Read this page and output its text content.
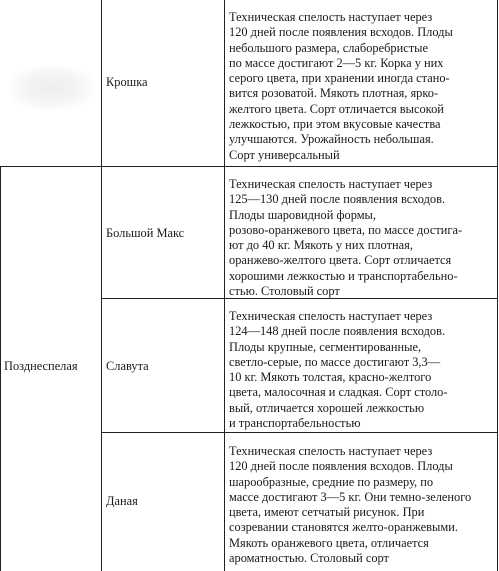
Крошка

Техническая спелость наступает через
120 дней после появления всходов. Плоды
небольшого размера, слаборебристые
по массе достигают 2—5 кг. Корка у них
серого цвета, при хранении иногда стано-
вится розоватой. Мякоть плотная, ярко-
желтого цвета. Сорт отличается высокой
лежкостью, при этом вкусовые качества
улучшаются. Урожайность небольшая.
Сорт универсальный

Большой Макс

Техническая спелость наступает через
125—130 дней после появления всходов.
Плоды шаровидной формы,
розово-оранжевого цвета, по массе достига-
ют до 40 кг. Мякоть у них плотная,
оранжево-желтого цвета. Сорт отличается
хорошими лежкостью и транспортабельно-
стью. Столовый сорт

Позднеспелая	Славута

Техническая спелость наступает через
124—148 дней после появления всходов.
Плоды крупные, сегментированные,
светло-серые, по массе достигают 3,3—
10 кг. Мякоть толстая, красно-желтого
цвета, малосочная и сладкая. Сорт столо-
вый, отличается хорошей лежкостью
и транспортабельностью

Даная

Техническая спелость наступает через
120 дней после появления всходов. Плоды
шарообразные, средние по размеру, по
массе достигают 3—5 кг. Они темно-зеленого
цвета, имеют сетчатый рисунок. При
созревании становятся желто-оранжевыми.
Мякоть оранжевого цвета, отличается
ароматностью. Столовый сорт
